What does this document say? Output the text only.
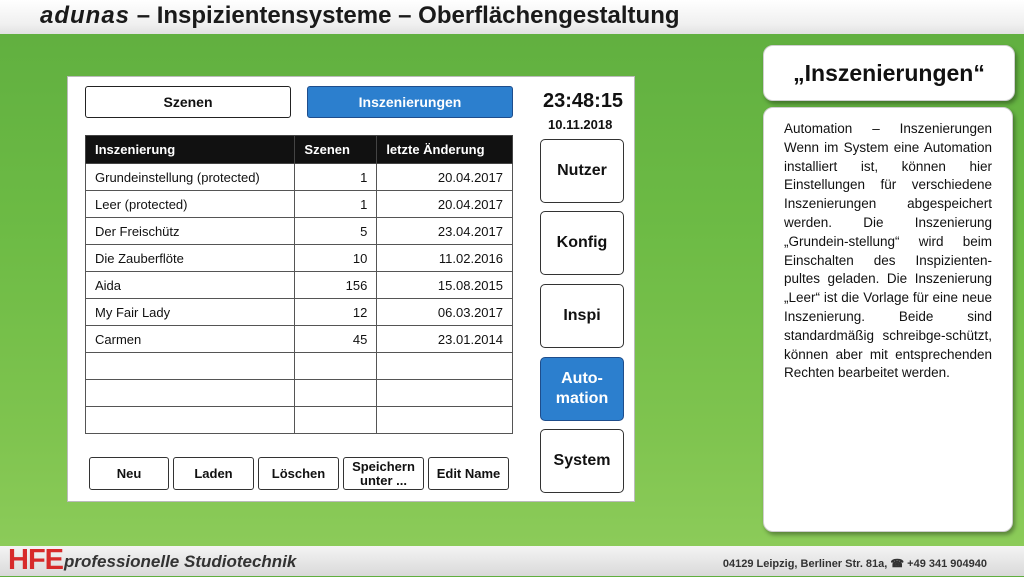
adunas – Inspizientensysteme – Oberflächengestaltung
Szenen	Inszenierungen	23:48:15
10.11.2018
Inszenierung	Szenen	letzte Änderung
Grundeinstellung (protected)	1	20.04.2017
Leer (protected)	1	20.04.2017
Der Freischütz	5	23.04.2017
Die Zauberflöte	10	11.02.2016
Aida	156	15.08.2015
My Fair Lady	12	06.03.2017
Carmen	45	23.01.2014

Nutzer
Konfig
Inspi
Auto-
mation
System
Neu	Laden	Löschen	Speichern
unter ...	Edit Name
„Inszenierungen“

Automation – Inszenierungen Wenn im System eine Automation installiert ist, können hier Einstellungen für verschiedene Inszenierungen abgespeichert werden. Die Inszenierung „Grundein-stellung“ wird beim Einschalten des Inspizienten-pultes geladen. Die Inszenierung „Leer“ ist die Vorlage für eine neue Inszenierung. Beide sind standardmäßig schreibge-schützt, können aber mit entsprechenden Rechten bearbeitet werden.

HFE professionelle Studiotechnik	04129 Leipzig, Berliner Str. 81a, ☎ +49 341 904940
